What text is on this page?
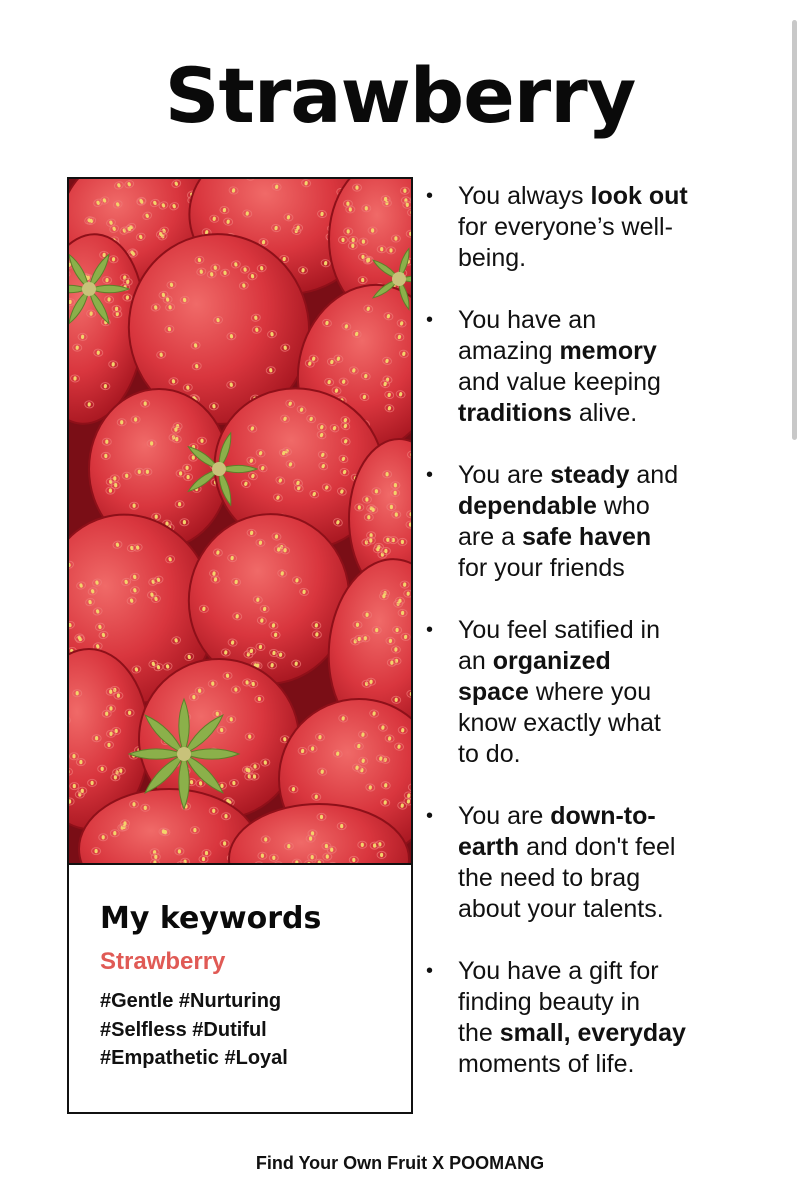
Strawberry
My keywords
Strawberry
#Gentle #Nurturing
#Selfless #Dutiful
#Empathetic #Loyal
• You always look out
for everyone’s well-
being.
• You have an
amazing memory
and value keeping
traditions alive.
• You are steady and
dependable who
are a safe haven
for your friends
• You feel satified in
an organized
space where you
know exactly what
to do.
• You are down-to-
earth and don't feel
the need to brag
about your talents.
• You have a gift for
finding beauty in
the small, everyday
moments of life.
Find Your Own Fruit X POOMANG
